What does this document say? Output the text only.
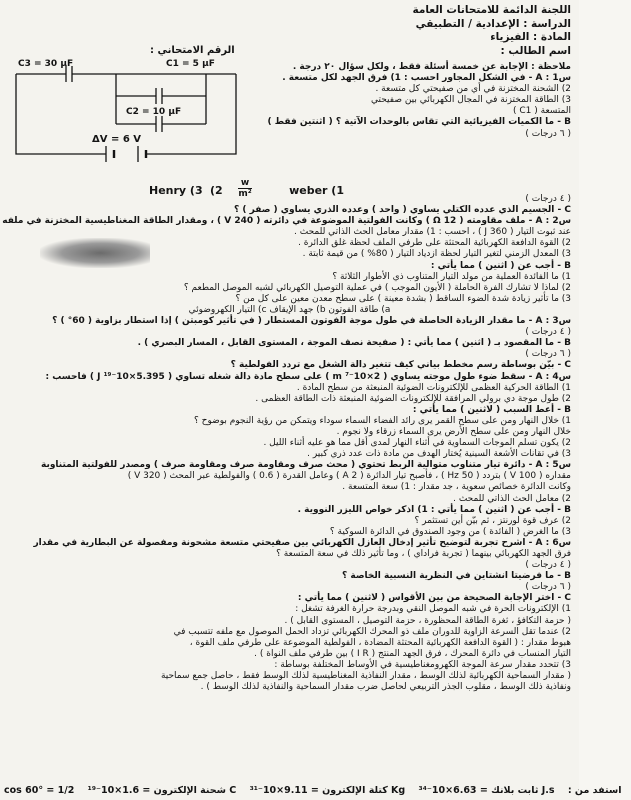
اللجنة الدائمة للامتحانات العامة
الدراسة : الإعدادية / التطبيقي
المادة : الفيزياء
اسم الطالب :
الرقم الامتحاني :
C3 = 30 μF	C1 = 5 μF
C2 = 10 μF
ΔV = 6 V
ملاحظة : الإجابة عن خمسة أسئلة فقط ، ولكل سؤال ٢٠ درجة .
س1 : A - في الشكل المجاور احسب : 1) فرق الجهد لكل متسعة .
2) الشحنة المختزنة في أي من صفيحتي كل متسعة .
3) الطاقة المختزنة في المجال الكهربائي بين صفيحتي
المتسعة ( C1 )
B - ما الكميات الفيزيائية التي تقاس بالوحدات الآتية ؟ ( اثنتين فقط )
( ٦ درجات )
weber (1
(2
w
m²
Henry (3
( ٤ درجات )
C - الجسيم الذي عدده الكتلي يساوي ( واحد ) وعدده الذري يساوي ( صفر ) ؟
س2 : A - ملف مقاومته ( Ω 12 ) وكانت الفولتية الموضوعة في دائرته ( V 240 ) ، ومقدار الطاقة المغناطيسية المختزنة في ملفه
عند ثبوت التيار ( J 360 ) ، احسب : 1) مقدار معامل الحث الذاتي للمحث .
2) القوة الدافعة الكهربائية المحتثة على طرفي الملف لحظة غلق الدائرة .
3) المعدل الزمني لتغير التيار لحظة ازدياد التيار ( 80% ) من قيمة ثابتة .
B - أجب عن ( اثنين ) مما يأتي :
1) ما الفائدة العملية من مولد التيار المتناوب ذي الأطوار الثلاثة ؟
2) لماذا لا تشارك الفرة الحاملة ( الأيون الموجب ) في عملية التوصيل الكهربائي لشبه الموصل المطعم ؟
3) ما تأثير زيادة شدة الضوء الساقط ( بشدة معينة ) على سطح معدن معين على كل من ؟
a) طاقة الفوتون b) جهد الإيقاف c) التيار الكهروضوئي
س3 : A - ما مقدار الزيادة الحاصلة في طول موجة الفوتون المستطار ( في تأثير كومبتن ) إذا استطار بزاوية ( 60° ) ؟
( ٤ درجات )
B - ما المقصود بـ ( اثنين ) مما يأتي : ( صفيحة نصف الموجة ، المستوى القابل ، المسار البصري ) .
( ٦ درجات )
C - بيّن بوساطة رسم مخطط بياني كيف تتغير دالة الشغل مع تردد الفولطية ؟
س4 : A - سقط ضوء طول موجته يساوي ( 2×10⁻⁷ m ) على سطح مادة دالة شغله تساوي ( 5.395×10⁻¹⁹ J ) فاحسب :
1) الطاقة الحركية العظمى للإلكترونات الضوئية المنبعثة من سطح المادة .
2) طول موجة دي برولي المرافقة للإلكترونات الضوئية المنبعثة ذات الطاقة العظمى .
B - أعط السبب ( لاثنين ) مما يأتي :
1) خلال النهار ومن على سطح القمر يرى رائد الفضاء السماء سوداء ويتمكن من رؤية النجوم بوضوح ؟
خلال النهار ومن على سطح الأرض يرى السماء زرقاء ولا نجوم .
2) يكون تسلم الموجات السماوية في أثناء النهار لمدى أقل مما هو عليه أثناء الليل .
3) في تقانات الأشعة السينية يُختار الهدف من مادة ذات عدد ذري كبير .
س5 : A - دائرة تيار متناوب متوالية الربط تحتوي ( محث صرف ومقاومة صرف ومقاومة صرف ) ومصدر للفولتية المتناوبة
مقداره ( 100 V ) بتردد ( 50 Hz ) ، فأصبح تيار الدائرة ( 2 A ) وعامل القدرة ( 0.6 ) والفولطية عبر المحث ( 320 V )
وكانت الدائرة خصائص سعوية ، جد مقدار : 1) سعة المتسعة .
2) معامل الحث الذاتي للمحث .
B - أجب عن ( اثنين ) مما يأتي : 1) اذكر خواص الليزر النووية .
2) عرف قوة لورنتز ، ثم بيّن أين تستثمر ؟
3) ما الغرض ( الفائدة ) من وجود الصندوق في الدائرة السوكية ؟
س6 : A - اشرح تجربة لتوضيح تأثير إدخال العازل الكهربائي بين صفيحتي متسعة مشحونة ومفصولة عن البطارية في مقدار
فرق الجهد الكهربائي بينهما ( تجربة فراداي ) ، وما تأثير ذلك في سعة المتسعة ؟
( ٤ درجات )
B - ما فرضيتا انشتاين في النظرية النسبية الخاصة ؟
( ٦ درجات )
C - اختر الإجابة الصحيحة من بين الأقواس ( لاثنين ) مما يأتي :
1) الإلكترونات الحرة في شبه الموصل النقي وبدرجة حرارة الغرفة تشغل :
( حزمة التكافؤ ، ثغرة الطاقة المحظورة ، حزمة التوصيل ، المستوى القابل ) .
2) عندما تقل السرعة الزاوية للدوران ملف ذو المحرك الكهربائي تزداد الحمل الموصول مع ملفه تتسبب في
هبوط مقدار : ( القوة الدافعة الكهربائية المحتثة المضادة ، الفولطية الموضوعة على طرفي ملف القوة ،
التيار المنساب في دائرة المحرك ، فرق الجهد المنتج ( I R ) بين طرفي ملف النواة ) .
3) تتحدد مقدار سرعة الموجة الكهرومغناطيسية في الأوساط المختلفة بوساطة :
( مقدار السماحية الكهربائية لذلك الوسط ، مقدار النفاذية المغناطيسية لذلك الوسط فقط ، حاصل جمع سماحية
ونفاذية ذلك الوسط ، مقلوب الجذر التربيعي لحاصل ضرب مقدار السماحية والنفاذية لذلك الوسط ) .
cos 60° = 1/2 شحنة الإلكترون = 1.6×10⁻¹⁹ C كتلة الإلكترون = 9.11×10⁻³¹ Kg ثابت بلانك = 6.63×10⁻³⁴ J.s استفد من :
